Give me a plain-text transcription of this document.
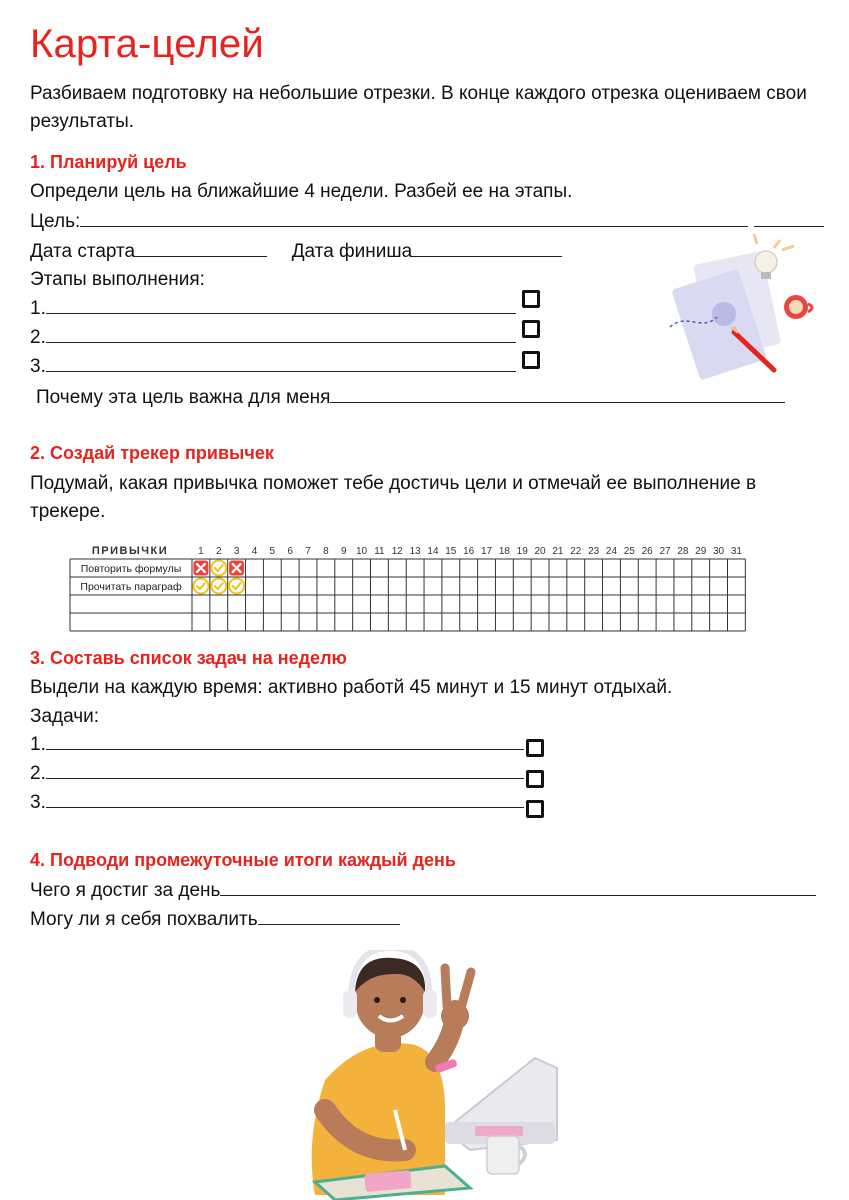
Карта-целей
Разбиваем подготовку на небольшие отрезки. В конце каждого отрезка оцениваем свои результаты.
1. Планируй цель
Определи цель на ближайшие 4 недели. Разбей ее на этапы.
Цель:
Дата старта	Дата финиша
Этапы выполнения:
1.
2.
3.
Почему эта цель важна для меня
2. Создай трекер привычек
Подумай, какая привычка поможет тебе достичь цели и отмечай ее выполнение в трекере.
ПРИВЫЧКИ	1 2 3 4 5 6 7 8 9 10 11 12 13 14 15 16 17 18 19 20 21 22 23 24 25 26 27 28 29 30 31
Повторить формулы
Прочитать параграф
3. Составь список задач на неделю
Выдели на каждую время: активно работй 45 минут и 15 минут отдыхай.
Задачи:
1.
2.
3.
4. Подводи промежуточные итоги каждый день
Чего я достиг за день
Могу ли я себя похвалить
